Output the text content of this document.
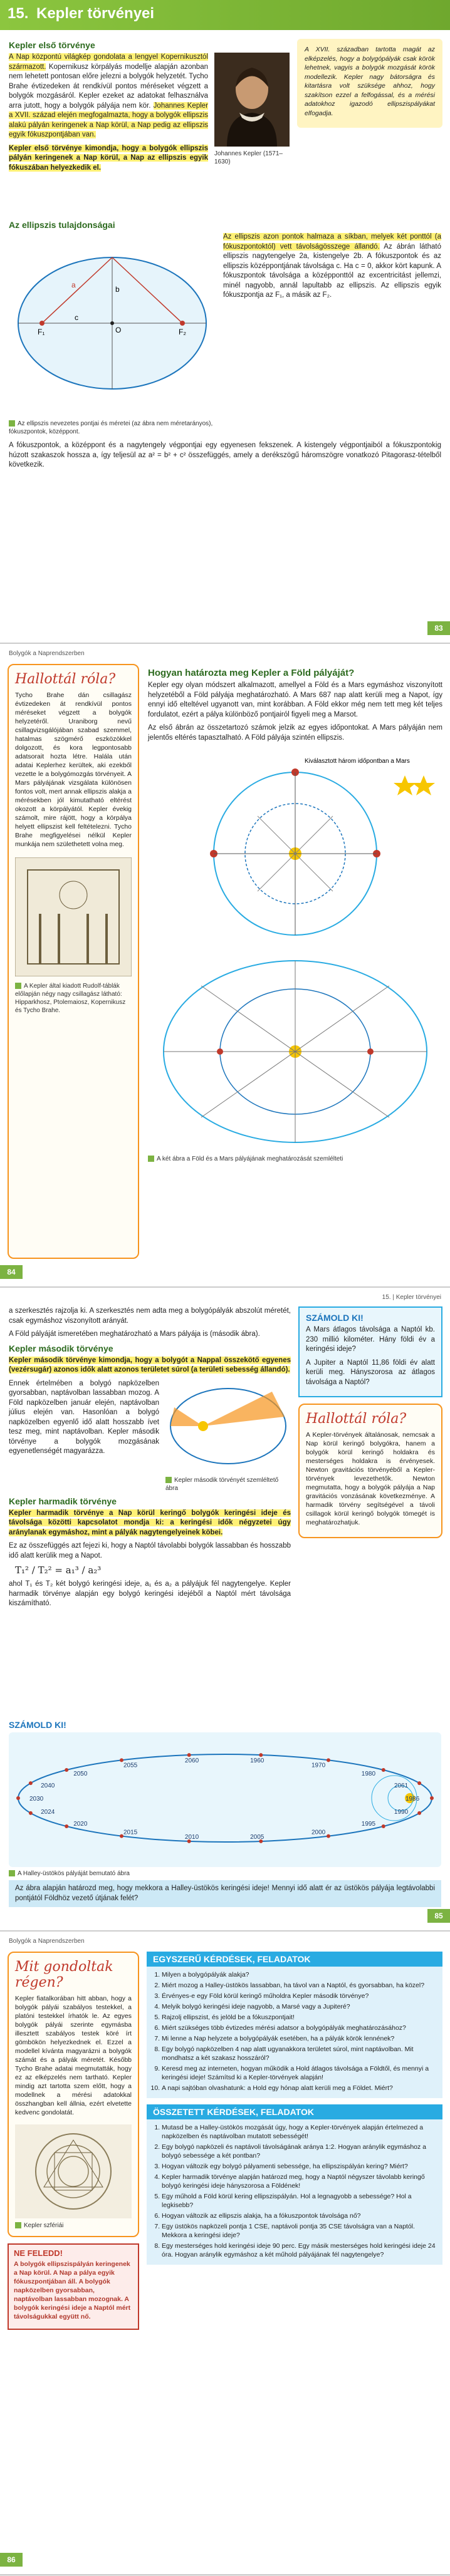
15. Kepler törvényei
Kepler első törvénye

A Nap központú világkép gondolata a lengyel Kopernikusztól származott. Kopernikusz körpályás modellje alapján azonban nem lehetett pontosan előre jelezni a bolygók helyzetét. Tycho Brahe évtizedeken át rendkívül pontos méréseket végzett a bolygók mozgásáról. Kepler ezeket az adatokat felhasználva arra jutott, hogy a bolygók pályája nem kör. Johannes Kepler a XVII. század elején megfogalmazta, hogy a bolygók ellipszis alakú pályán keringenek a Nap körül, a Nap pedig az ellipszis egyik fókuszpontjában van.

Kepler első törvénye kimondja, hogy a bolygók ellipszis pályán keringenek a Nap körül, a Nap az ellipszis egyik fókuszában helyezkedik el.

Johannes Kepler (1571–1630)

A XVII. században tartotta magát az elképzelés, hogy a bolygópályák csak körök lehetnek, vagyis a bolygók mozgását körök modellezik. Kepler nagy bátorságra és kitartásra volt szüksége ahhoz, hogy szakítson ezzel a felfogással, és a mérési adatokhoz igazodó ellipszispályákat elfogadja.

Az ellipszis tulajdonságai
F₁	F₂
O
a	b
c
Az ellipszis nevezetes pontjai és méretei (az ábra nem méretarányos), fókuszpontok, középpont.

Az ellipszis azon pontok halmaza a síkban, melyek két ponttól (a fókuszpontoktól) vett távolságösszege állandó. Az ábrán látható ellipszis nagytengelye 2a, kistengelye 2b. A fókuszpontok és az ellipszis középpontjának távolsága c. Ha c = 0, akkor kört kapunk. A fókuszpontok távolsága a középponttól az excentricitást jellemzi, minél nagyobb, annál lapultabb az ellipszis. Az ellipszis egyik fókuszpontja az F₁, a másik az F₂.

A fókuszpontok, a középpont és a nagytengely végpontjai egy egyenesen fekszenek. A kistengely végpontjaiból a fókuszpontokig húzott szakaszok hossza a, így teljesül az a² = b² + c² összefüggés, amely a derékszögű háromszögre vonatkozó Pitagorasz-tételből következik.

83
Bolygók a Naprendszerben
Hallottál róla?

Tycho Brahe dán csillagász évtizedeken át rendkívül pontos méréseket végzett a bolygók helyzetéről. Uraniborg nevű csillagvizsgálójában szabad szemmel, hatalmas szögmérő eszközökkel dolgozott, és kora legpontosabb adatsorait hozta létre. Halála után adatai Keplerhez kerültek, aki ezekből vezette le a bolygómozgás törvényeit. A Mars pályájának vizsgálata különösen fontos volt, mert annak ellipszis alakja a mérésekben jól kimutatható eltérést okozott a körpályától. Kepler évekig számolt, mire rájött, hogy a körpálya helyett ellipszist kell feltételezni. Tycho Brahe megfigyelései nélkül Kepler munkája nem születhetett volna meg.

A Kepler által kiadott Rudolf-táblák előlapján négy nagy csillagász látható: Hipparkhosz, Ptolemaiosz, Kopernikusz és Tycho Brahe.
Hogyan határozta meg Kepler a Föld pályáját?

Kepler egy olyan módszert alkalmazott, amellyel a Föld és a Mars egymáshoz viszonyított helyzetéből a Föld pályája meghatározható. A Mars 687 nap alatt kerüli meg a Napot, így ennyi idő elteltével ugyanott van, mint korábban. A Föld ekkor még nem tett meg két teljes fordulatot, ezért a pálya különböző pontjairól figyeli meg a Marsot.

Az első ábrán az összetartozó számok jelzik az egyes időpontokat. A Mars pályáján nem jelentős eltérés tapasztalható. A Föld pályája szintén ellipszis.

Kiválasztott három időpontban a Mars

A két ábra a Föld és a Mars pályájának meghatározását szemlélteti
84
15. | Kepler törvényei

a szerkesztés rajzolja ki. A szerkesztés nem adta meg a bolygópályák abszolút méretét, csak egymáshoz viszonyított arányát.

A Föld pályáját ismeretében meghatározható a Mars pályája is (második ábra).

Kepler második törvénye

Kepler második törvénye kimondja, hogy a bolygót a Nappal összekötő egyenes (vezérsugár) azonos idők alatt azonos területet súrol (a területi sebesség állandó).

Ennek értelmében a bolygó napközelben gyorsabban, naptávolban lassabban mozog. A Föld napközelben január elején, naptávolban július elején van. Hasonlóan a bolygó napközelben egyenlő idő alatt hosszabb ívet tesz meg, mint naptávolban. Kepler második törvénye a bolygók mozgásának egyenetlenségét magyarázza.

Kepler második törvényét szemléltető ábra
Kepler harmadik törvénye

Kepler harmadik törvénye a Nap körül keringő bolygók keringési ideje és távolsága közötti kapcsolatot mondja ki: a keringési idők négyzetei úgy aránylanak egymáshoz, mint a pályák nagytengelyeinek köbei.

Ez az összefüggés azt fejezi ki, hogy a Naptól távolabbi bolygók lassabban és hosszabb idő alatt kerülik meg a Napot.

T₁² / T₂² = a₁³ / a₂³

ahol T₁ és T₂ két bolygó keringési ideje, a₁ és a₂ a pályájuk fél nagytengelye. Kepler harmadik törvénye alapján egy bolygó keringési idejéből a Naptól mért távolsága kiszámítható.

SZÁMOLD KI!

A Mars átlagos távolsága a Naptól kb. 230 millió kilométer. Hány földi év a keringési ideje?

A Jupiter a Naptól 11,86 földi év alatt kerüli meg. Hányszorosa az átlagos távolsága a Naptól?

Hallottál róla?

A Kepler-törvények általánosak, nemcsak a Nap körül keringő bolygókra, hanem a bolygók körül keringő holdakra és mesterséges holdakra is érvényesek. Newton gravitációs törvényéből a Kepler-törvények levezethetők. Newton megmutatta, hogy a bolygók pályája a Nap gravitációs vonzásának következménye. A harmadik törvény segítségével a távoli csillagok körül keringő bolygók tömegét is meghatározhatjuk.

SZÁMOLD KI!
1986
1990
1995
2000
2005
2010
2015
2020
2024
2030
2040
2050
2055
2060	1960
1970
1980
2061
A Halley-üstökös pályáját bemutató ábra

Az ábra alapján határozd meg, hogy mekkora a Halley-üstökös keringési ideje! Mennyi idő alatt ér az üstökös pályája legtávolabbi pontjától Földhöz vezető útjának felét?

85
Bolygók a Naprendszerben
Mit gondoltak régen?

Kepler fiatalkorában hitt abban, hogy a bolygók pályái szabályos testekkel, a platóni testekkel írhatók le. Az egyes bolygók pályái szerinte egymásba illesztett szabályos testek köré írt gömbökön helyezkednek el. Ezzel a modellel kívánta magyarázni a bolygók számát és a pályák méretét. Később Tycho Brahe adatai megmutatták, hogy ez az elképzelés nem tartható. Kepler mindig azt tartotta szem előtt, hogy a modellnek a mérési adatokkal összhangban kell állnia, ezért elvetette kedvenc gondolatát.

Kepler szfériái
NE FELEDD!

A bolygók ellipszispályán keringenek a Nap körül. A Nap a pálya egyik fókuszpontjában áll. A bolygók napközelben gyorsabban, naptávolban lassabban mozognak. A bolygók keringési ideje a Naptól mért távolságukkal együtt nő.

EGYSZERŰ KÉRDÉSEK, FELADATOK
1. Milyen a bolygópályák alakja?
2. Miért mozog a Halley-üstökös lassabban, ha távol van a Naptól, és gyorsabban, ha közel?
3. Érvényes-e egy Föld körül keringő műholdra Kepler második törvénye?
4. Melyik bolygó keringési ideje nagyobb, a Marsé vagy a Jupiteré?
5. Rajzolj ellipszist, és jelöld be a fókuszpontjait!
6. Miért szükséges több évtizedes mérési adatsor a bolygópályák meghatározásához?
7. Mi lenne a Nap helyzete a bolygópályák esetében, ha a pályák körök lennének?
8. Egy bolygó napközelben 4 nap alatt ugyanakkora területet súrol, mint naptávolban. Mit mondhatsz a két szakasz hosszáról?
9. Keresd meg az interneten, hogyan működik a Hold átlagos távolsága a Földtől, és mennyi a keringési ideje! Számítsd ki a Kepler-törvények alapján!
10. A napi sajtóban olvashatunk: a Hold egy hónap alatt kerüli meg a Földet. Miért?
ÖSSZETETT KÉRDÉSEK, FELADATOK
1. Mutasd be a Halley-üstökös mozgását úgy, hogy a Kepler-törvények alapján értelmezed a napközelben és naptávolban mutatott sebességét!
2. Egy bolygó napközeli és naptávoli távolságának aránya 1:2. Hogyan aránylik egymáshoz a bolygó sebessége a két pontban?
3. Hogyan változik egy bolygó pályamenti sebessége, ha ellipszispályán kering? Miért?
4. Kepler harmadik törvénye alapján határozd meg, hogy a Naptól négyszer távolabb keringő bolygó keringési ideje hányszorosa a Földének!
5. Egy műhold a Föld körül kering ellipszispályán. Hol a legnagyobb a sebessége? Hol a legkisebb?
6. Hogyan változik az ellipszis alakja, ha a fókuszpontok távolsága nő?
7. Egy üstökös napközeli pontja 1 CSE, naptávoli pontja 35 CSE távolságra van a Naptól. Mekkora a keringési ideje?
8. Egy mesterséges hold keringési ideje 90 perc. Egy másik mesterséges hold keringési ideje 24 óra. Hogyan aránylik egymáshoz a két műhold pályájának fél nagytengelye?
86
